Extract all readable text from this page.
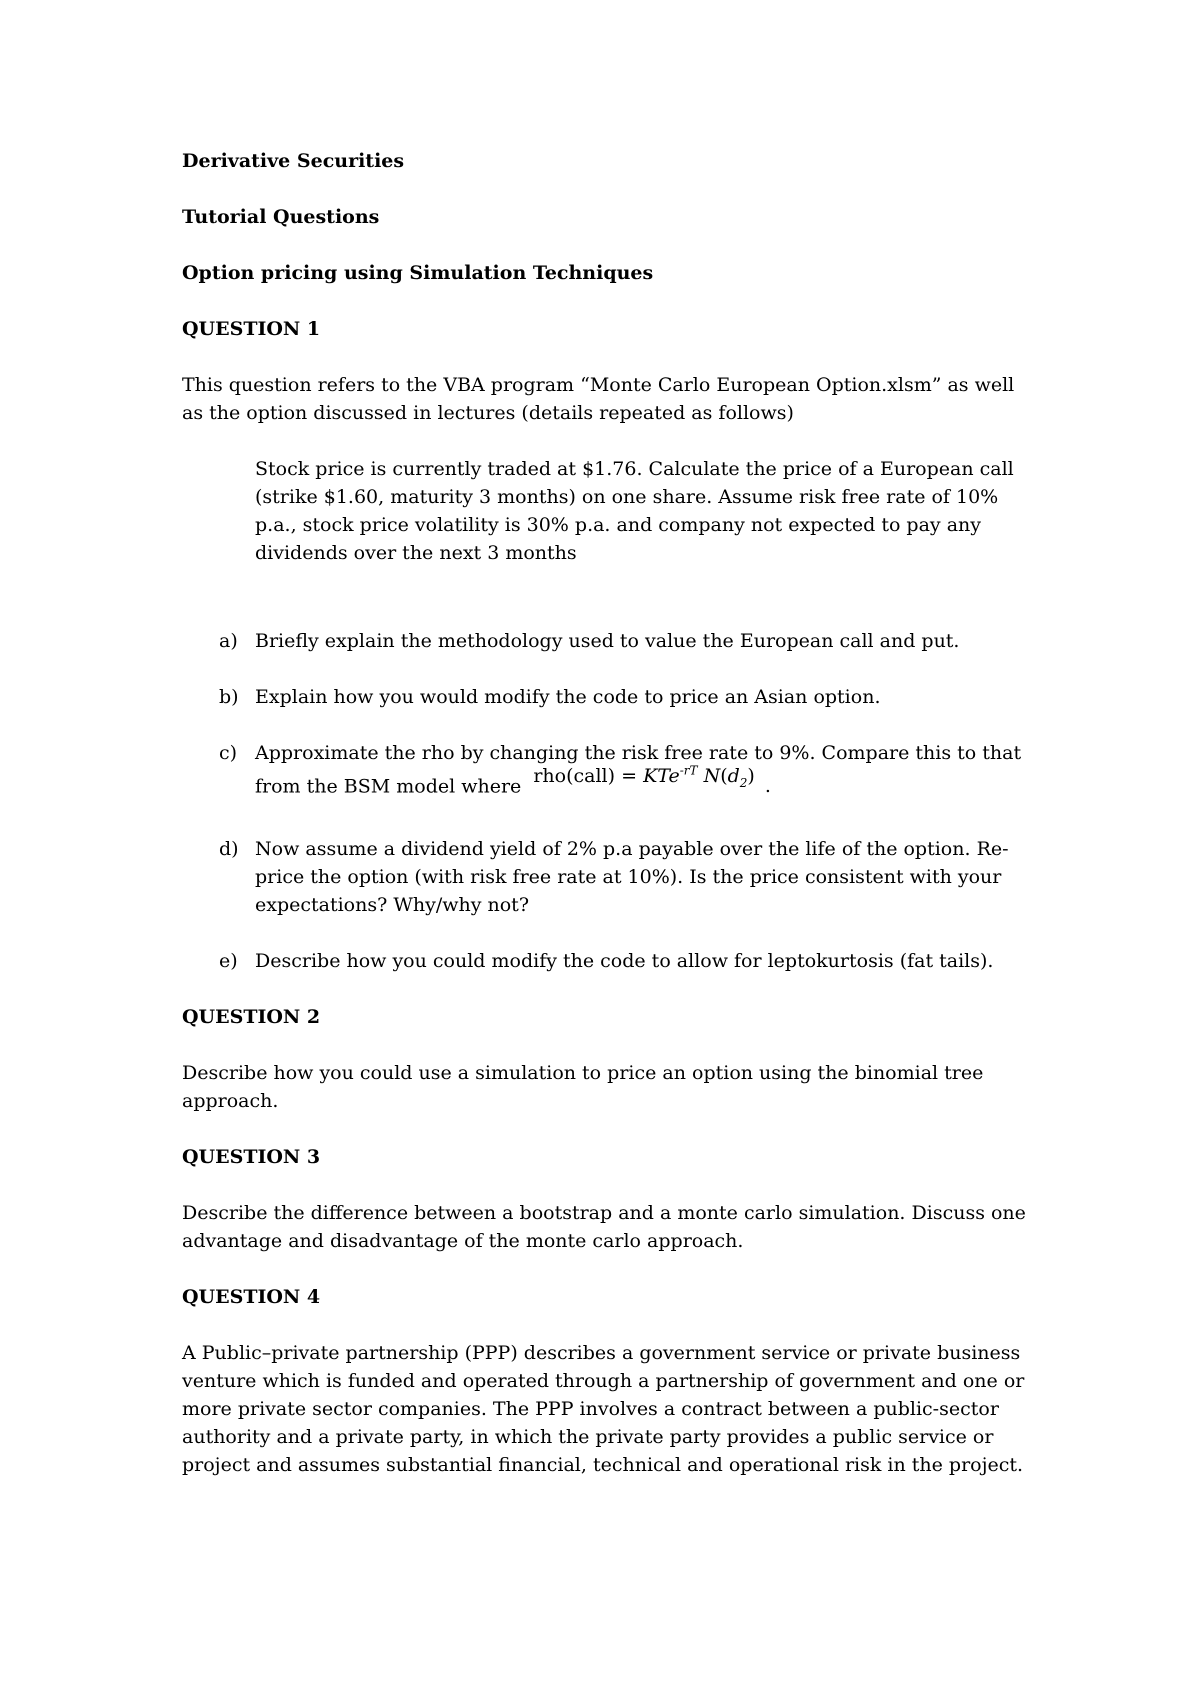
Derivative Securities
Tutorial Questions
Option pricing using Simulation Techniques
QUESTION 1
This question refers to the VBA program “Monte Carlo European Option.xlsm” as well as the option discussed in lectures (details repeated as follows)
Stock price is currently traded at $1.76. Calculate the price of a European call (strike $1.60, maturity 3 months) on one share. Assume risk free rate of 10% p.a., stock price volatility is 30% p.a. and company not expected to pay any dividends over the next 3 months
a) Briefly explain the methodology used to value the European call and put.
b) Explain how you would modify the code to price an Asian option.
c) Approximate the rho by changing the risk free rate to 9%. Compare this to that from the BSM model where rho(call) = KTe$^{-rT}$ $N(d_2)$ .
d) Now assume a dividend yield of 2% p.a payable over the life of the option. Re-price the option (with risk free rate at 10%). Is the price consistent with your expectations? Why/why not?
e) Describe how you could modify the code to allow for leptokurtosis (fat tails).
QUESTION 2
Describe how you could use a simulation to price an option using the binomial tree approach.
QUESTION 3
Describe the difference between a bootstrap and a monte carlo simulation. Discuss one advantage and disadvantage of the monte carlo approach.
QUESTION 4
A Public–private partnership (PPP) describes a government service or private business venture which is funded and operated through a partnership of government and one or more private sector companies. The PPP involves a contract between a public-sector authority and a private party, in which the private party provides a public service or project and assumes substantial financial, technical and operational risk in the project.
